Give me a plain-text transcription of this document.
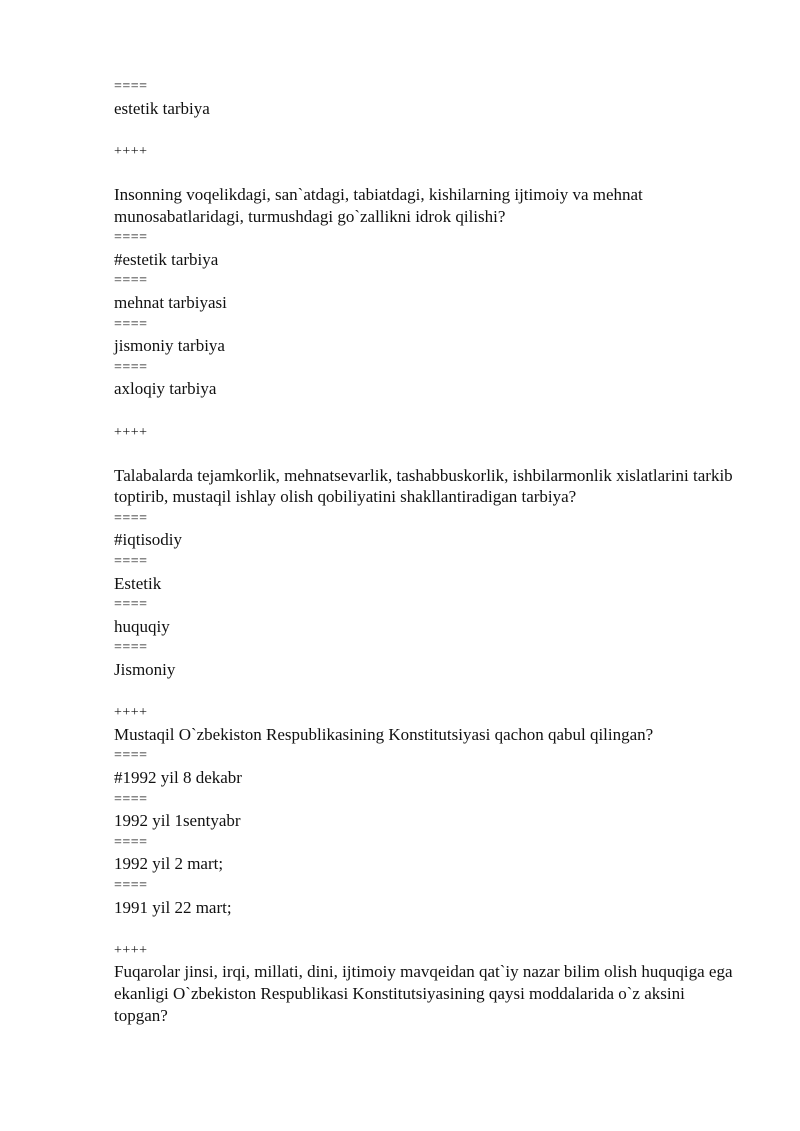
====
estetik tarbiya
++++

Insonning voqelikdagi, san`atdagi, tabiatdagi, kishilarning ijtimoiy va mehnat munosabatlaridagi, turmushdagi go`zallikni idrok qilishi?

====
#estetik tarbiya
====
mehnat tarbiyasi
====
jismoniy tarbiya
====
axloqiy tarbiya
++++

Talabalarda tejamkorlik, mehnatsevarlik, tashabbuskorlik, ishbilarmonlik xislatlarini tarkib toptirib, mustaqil ishlay olish qobiliyatini shakllantiradigan tarbiya?

====
#iqtisodiy
====
Estetik
====
huquqiy
====
Jismoniy
++++

Mustaqil O`zbekiston Respublikasining Konstitutsiyasi qachon qabul qilingan?

====
#1992 yil 8 dekabr
====
1992 yil 1sentyabr
====
1992 yil 2 mart;
====
1991 yil 22 mart;
++++

Fuqarolar jinsi, irqi, millati, dini, ijtimoiy mavqeidan qat`iy nazar bilim olish huquqiga ega ekanligi O`zbekiston Respublikasi Konstitutsiyasining qaysi moddalarida o`z aksini topgan?
